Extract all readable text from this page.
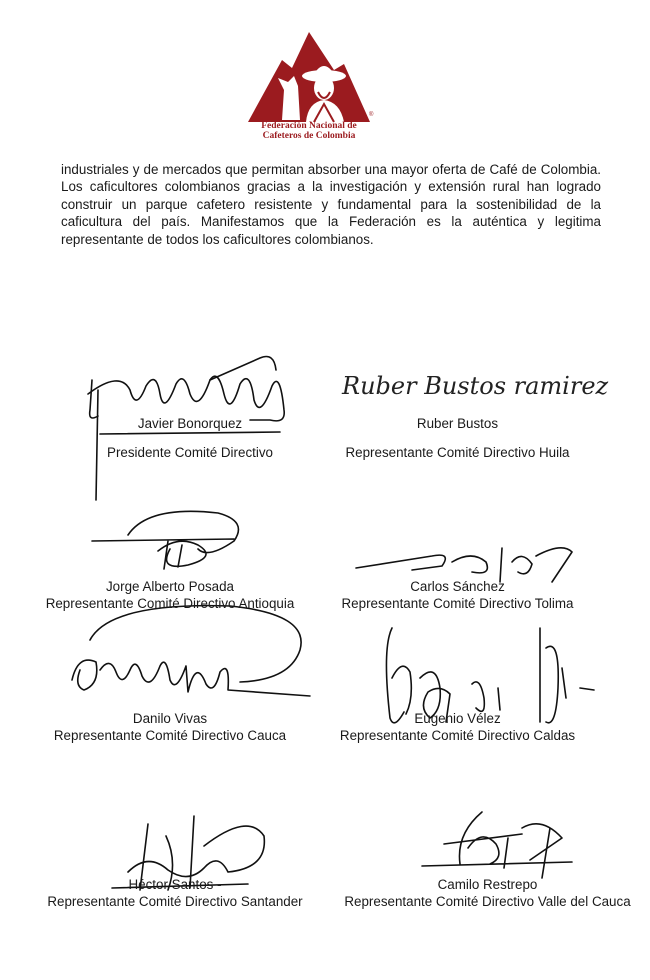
®
Federación Nacional de
Cafeteros de Colombia

industriales y de mercados que permitan absorber una mayor oferta de Café de Colombia. Los caficultores colombianos gracias a la investigación y extensión rural han logrado construir un parque cafetero resistente y fundamental para la sostenibilidad de la caficultura del país. Manifestamos que la Federación es la auténtica y legitima representante de todos los caficultores colombianos.

Ruber Bustos ramirez
Javier Bonorquez
Presidente Comité Directivo
Ruber Bustos
Representante Comité Directivo Huila
Jorge Alberto Posada
Representante Comité Directivo Antioquia
Carlos Sánchez
Representante Comité Directivo Tolima
Danilo Vivas
Representante Comité Directivo Cauca
Eugenio Vélez
Representante Comité Directivo Caldas
Héctor Santos -
Representante Comité Directivo Santander
Camilo Restrepo
Representante Comité Directivo Valle del Cauca
